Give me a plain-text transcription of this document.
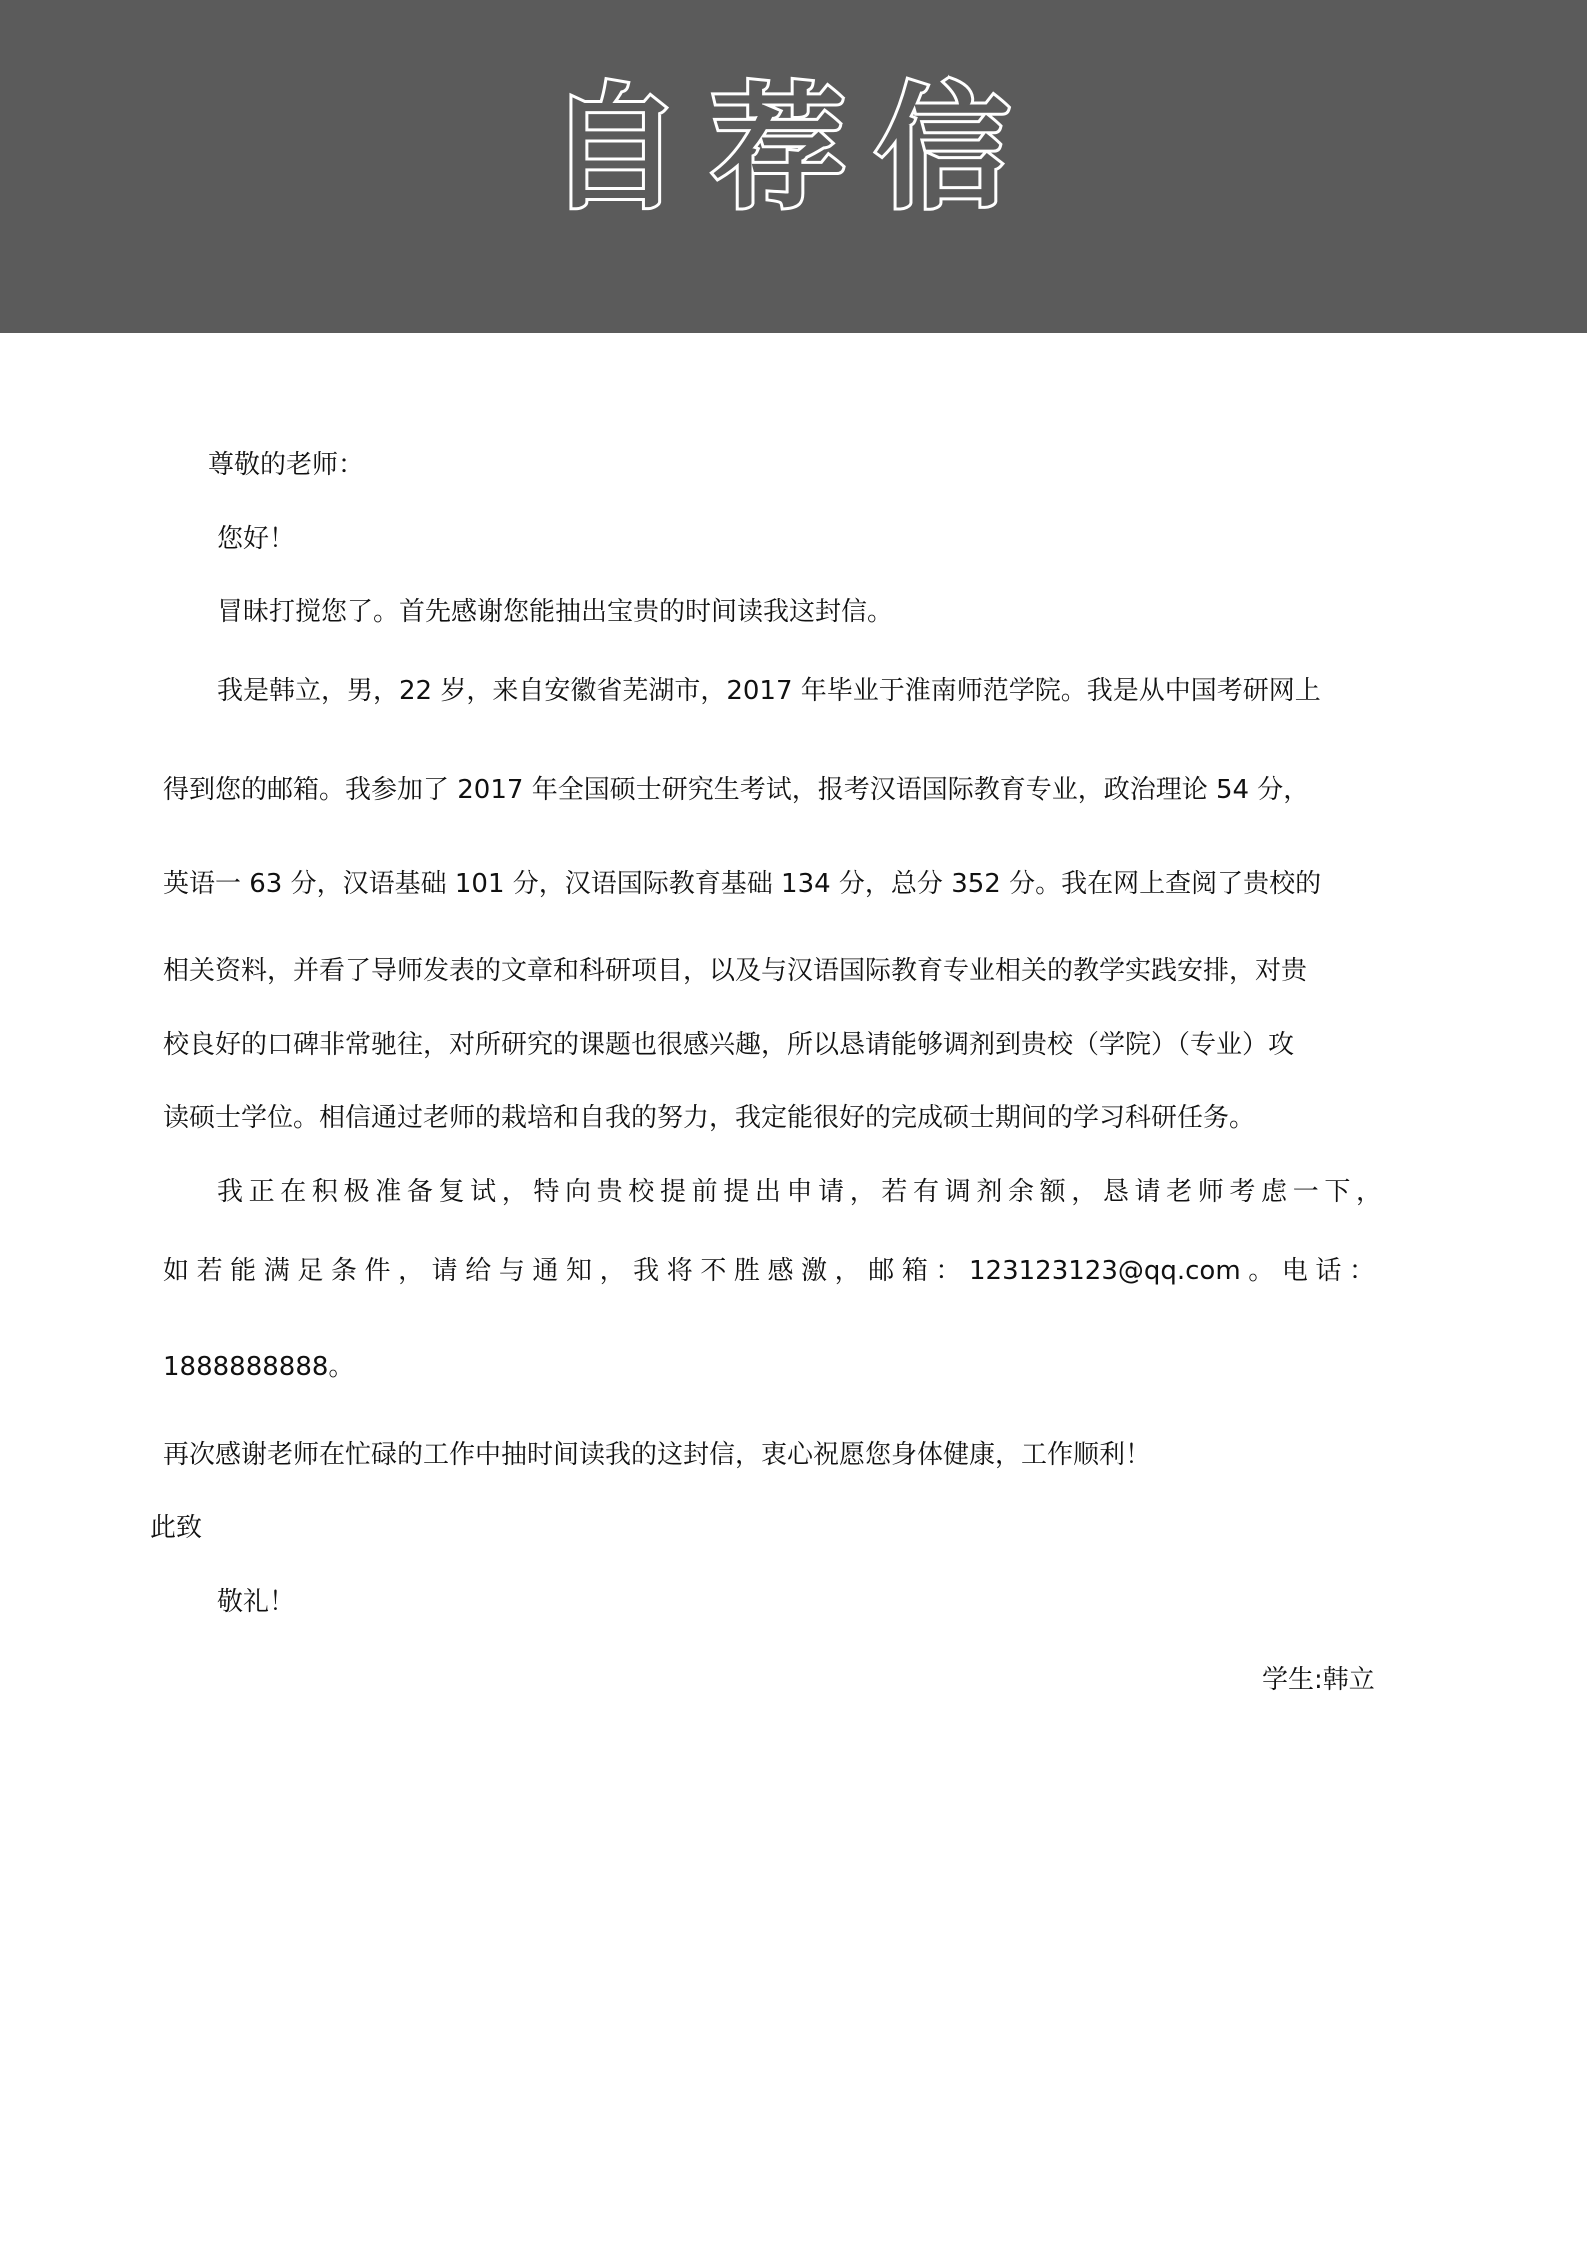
自荐信
尊敬的老师：
您好！
冒昧打搅您了。首先感谢您能抽出宝贵的时间读我这封信。
我是韩立，男，22 岁，来自安徽省芜湖市，2017 年毕业于淮南师范学院。我是从中国考研网上
得到您的邮箱。我参加了 2017 年全国硕士研究生考试，报考汉语国际教育专业，政治理论 54 分，
英语一 63 分，汉语基础 101 分，汉语国际教育基础 134 分，总分 352 分。我在网上查阅了贵校的
相关资料，并看了导师发表的文章和科研项目，以及与汉语国际教育专业相关的教学实践安排，对贵
校良好的口碑非常驰往，对所研究的课题也很感兴趣，所以恳请能够调剂到贵校（学院）（专业）攻
读硕士学位。相信通过老师的栽培和自我的努力，我定能很好的完成硕士期间的学习科研任务。
我正在积极准备复试，特向贵校提前提出申请，若有调剂余额，恳请老师考虑一下，
如若能满足条件，请给与通知，我将不胜感激，邮箱：123123123@qq.com。电话：
1888888888。
再次感谢老师在忙碌的工作中抽时间读我的这封信，衷心祝愿您身体健康，工作顺利！
此致
敬礼！
学生:韩立
